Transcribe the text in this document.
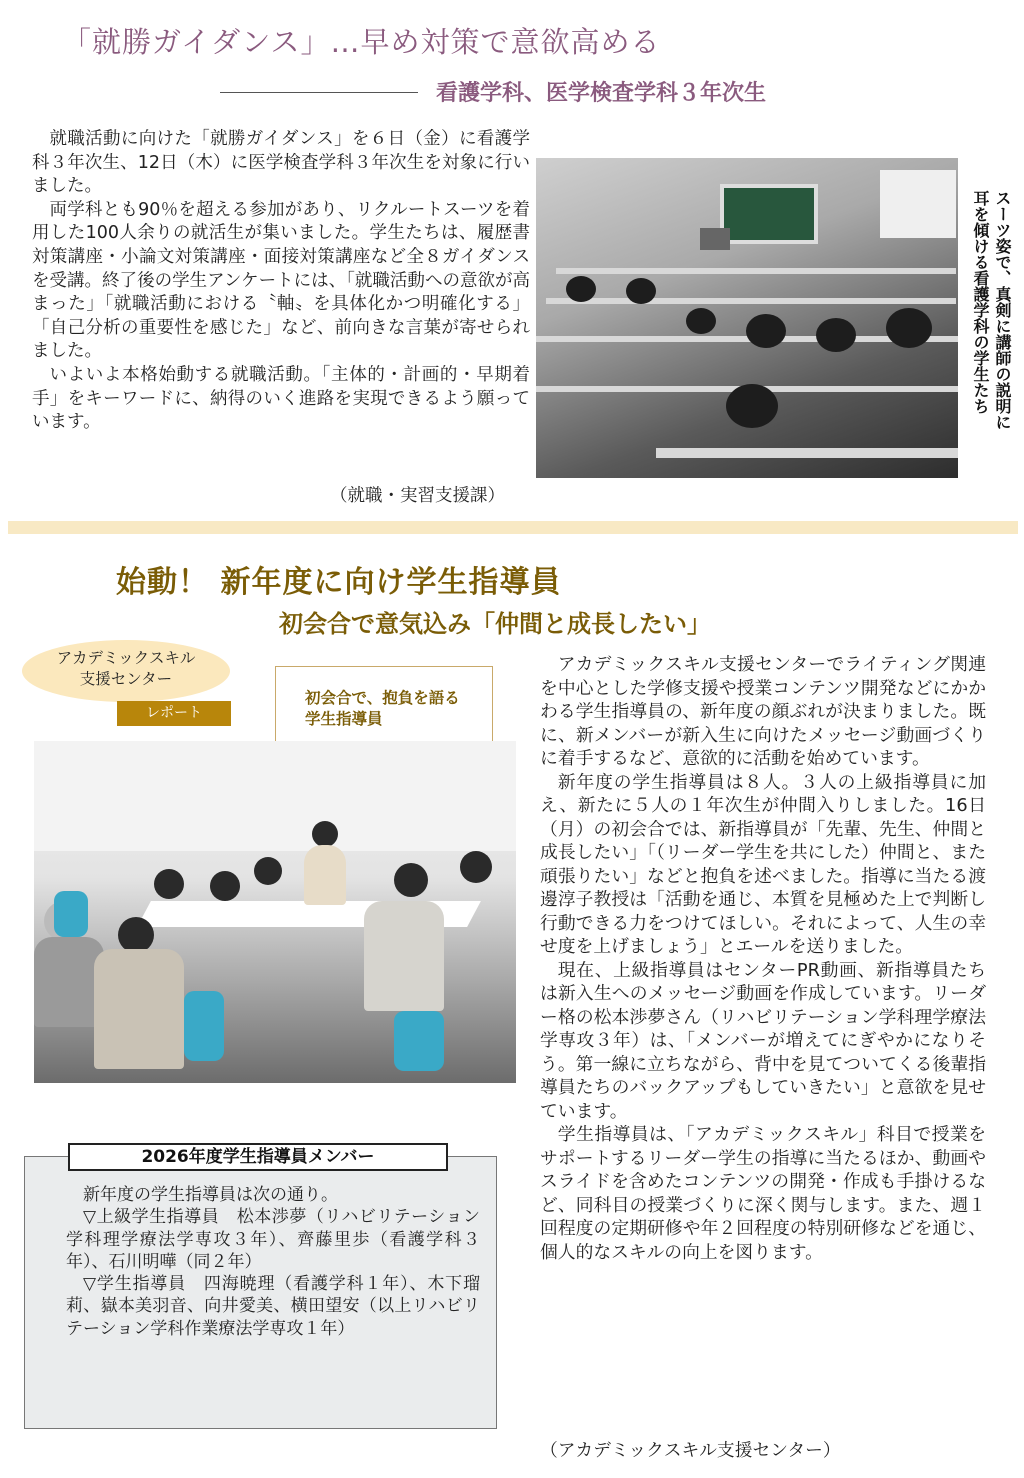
「就勝ガイダンス」…早め対策で意欲高める
看護学科、医学検査学科３年次生

就職活動に向けた「就勝ガイダンス」を６日（金）に看護学科３年次生、12日（木）に医学検査学科３年次生を対象に行いました。

両学科とも90％を超える参加があり、リクルートスーツを着用した100人余りの就活生が集いました。学生たちは、履歴書対策講座・小論文対策講座・面接対策講座など全８ガイダンスを受講。終了後の学生アンケートには、「就職活動への意欲が高まった」「就職活動における〝軸〟を具体化かつ明確化する」「自己分析の重要性を感じた」など、前向きな言葉が寄せられました。

いよいよ本格始動する就職活動。「主体的・計画的・早期着手」をキーワードに、納得のいく進路を実現できるよう願っています。

（就職・実習支援課）
スーツ姿で、真剣に講師の説明に
耳を傾ける看護学科の学生たち
始動！ 新年度に向け学生指導員
初会合で意気込み「仲間と成長したい」
アカデミックスキル
支援センター
レポート
初会合で、抱負を語る
学生指導員

アカデミックスキル支援センターでライティング関連を中心とした学修支援や授業コンテンツ開発などにかかわる学生指導員の、新年度の顔ぶれが決まりました。既に、新メンバーが新入生に向けたメッセージ動画づくりに着手するなど、意欲的に活動を始めています。

新年度の学生指導員は８人。３人の上級指導員に加え、新たに５人の１年次生が仲間入りしました。16日（月）の初会合では、新指導員が「先輩、先生、仲間と成長したい」「（リーダー学生を共にした）仲間と、また頑張りたい」などと抱負を述べました。指導に当たる渡邊淳子教授は「活動を通じ、本質を見極めた上で判断し行動できる力をつけてほしい。それによって、人生の幸せ度を上げましょう」とエールを送りました。

現在、上級指導員はセンターPR動画、新指導員たちは新入生へのメッセージ動画を作成しています。リーダー格の松本渉夢さん（リハビリテーション学科理学療法学専攻３年）は、「メンバーが増えてにぎやかになりそう。第一線に立ちながら、背中を見てついてくる後輩指導員たちのバックアップもしていきたい」と意欲を見せています。

学生指導員は、「アカデミックスキル」科目で授業をサポートするリーダー学生の指導に当たるほか、動画やスライドを含めたコンテンツの開発・作成も手掛けるなど、同科目の授業づくりに深く関与します。また、週１回程度の定期研修や年２回程度の特別研修などを通じ、個人的なスキルの向上を図ります。

（アカデミックスキル支援センター）
2026年度学生指導員メンバー

新年度の学生指導員は次の通り。

▽上級学生指導員　松本渉夢（リハビリテーション学科理学療法学専攻３年）、齊藤里歩（看護学科３年）、石川明嘩（同２年）

▽学生指導員　四海暁理（看護学科１年）、木下瑠莉、嶽本美羽音、向井愛美、横田望安（以上リハビリテーション学科作業療法学専攻１年）
